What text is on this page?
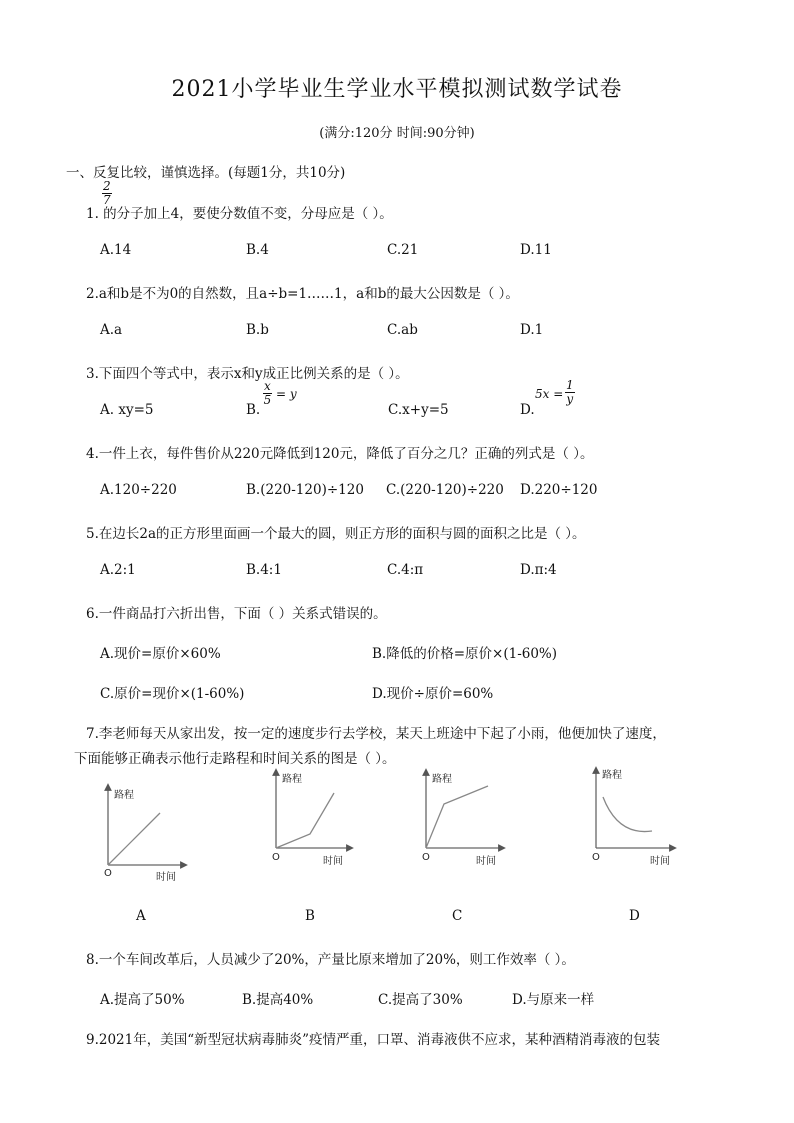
2021小学毕业生学业水平模拟测试数学试卷
(满分:120分 时间:90分钟)
一、反复比较，谨慎选择。(每题1分，共10分)
$\frac{2}{7}$
1. 的分子加上4，要使分数值不变，分母应是（ ）。
A.14	B.4	C.21	D.11
2.a和b是不为0的自然数，且a÷b=1……1，a和b的最大公因数是（ ）。
A.a	B.b	C.ab	D.1
3.下面四个等式中，表示x和y成正比例关系的是（ ）。
A. xy=5	B.
$\frac{x}{5} = y$
C.x+y=5	D.
$5x = \frac{1}{y}$
4.一件上衣，每件售价从220元降低到120元，降低了百分之几？正确的列式是（ ）。
A.120÷220	B.(220-120)÷120 C.(220-120)÷220 D.220÷120
5.在边长2a的正方形里面画一个最大的圆，则正方形的面积与圆的面积之比是（ ）。
A.2:1	B.4:1	C.4:π	D.π:4
6.一件商品打六折出售，下面（ ）关系式错误的。
A.现价=原价×60%	B.降低的价格=原价×(1-60%)
C.原价=现价×(1-60%)	D.现价÷原价=60%
7.李老师每天从家出发，按一定的速度步行去学校，某天上班途中下起了小雨，他便加快了速度，
下面能够正确表示他行走路程和时间关系的图是（ ）。
路程
时间
O
路程
时间
O
路程
时间
O
路程
时间
O
A	B	C	D
8.一个车间改革后，人员减少了20%，产量比原来增加了20%，则工作效率（ ）。
A.提高了50%	B.提高40%	C.提高了30%	D.与原来一样
9.2021年，美国“新型冠状病毒肺炎”疫情严重，口罩、消毒液供不应求，某种酒精消毒液的包装
